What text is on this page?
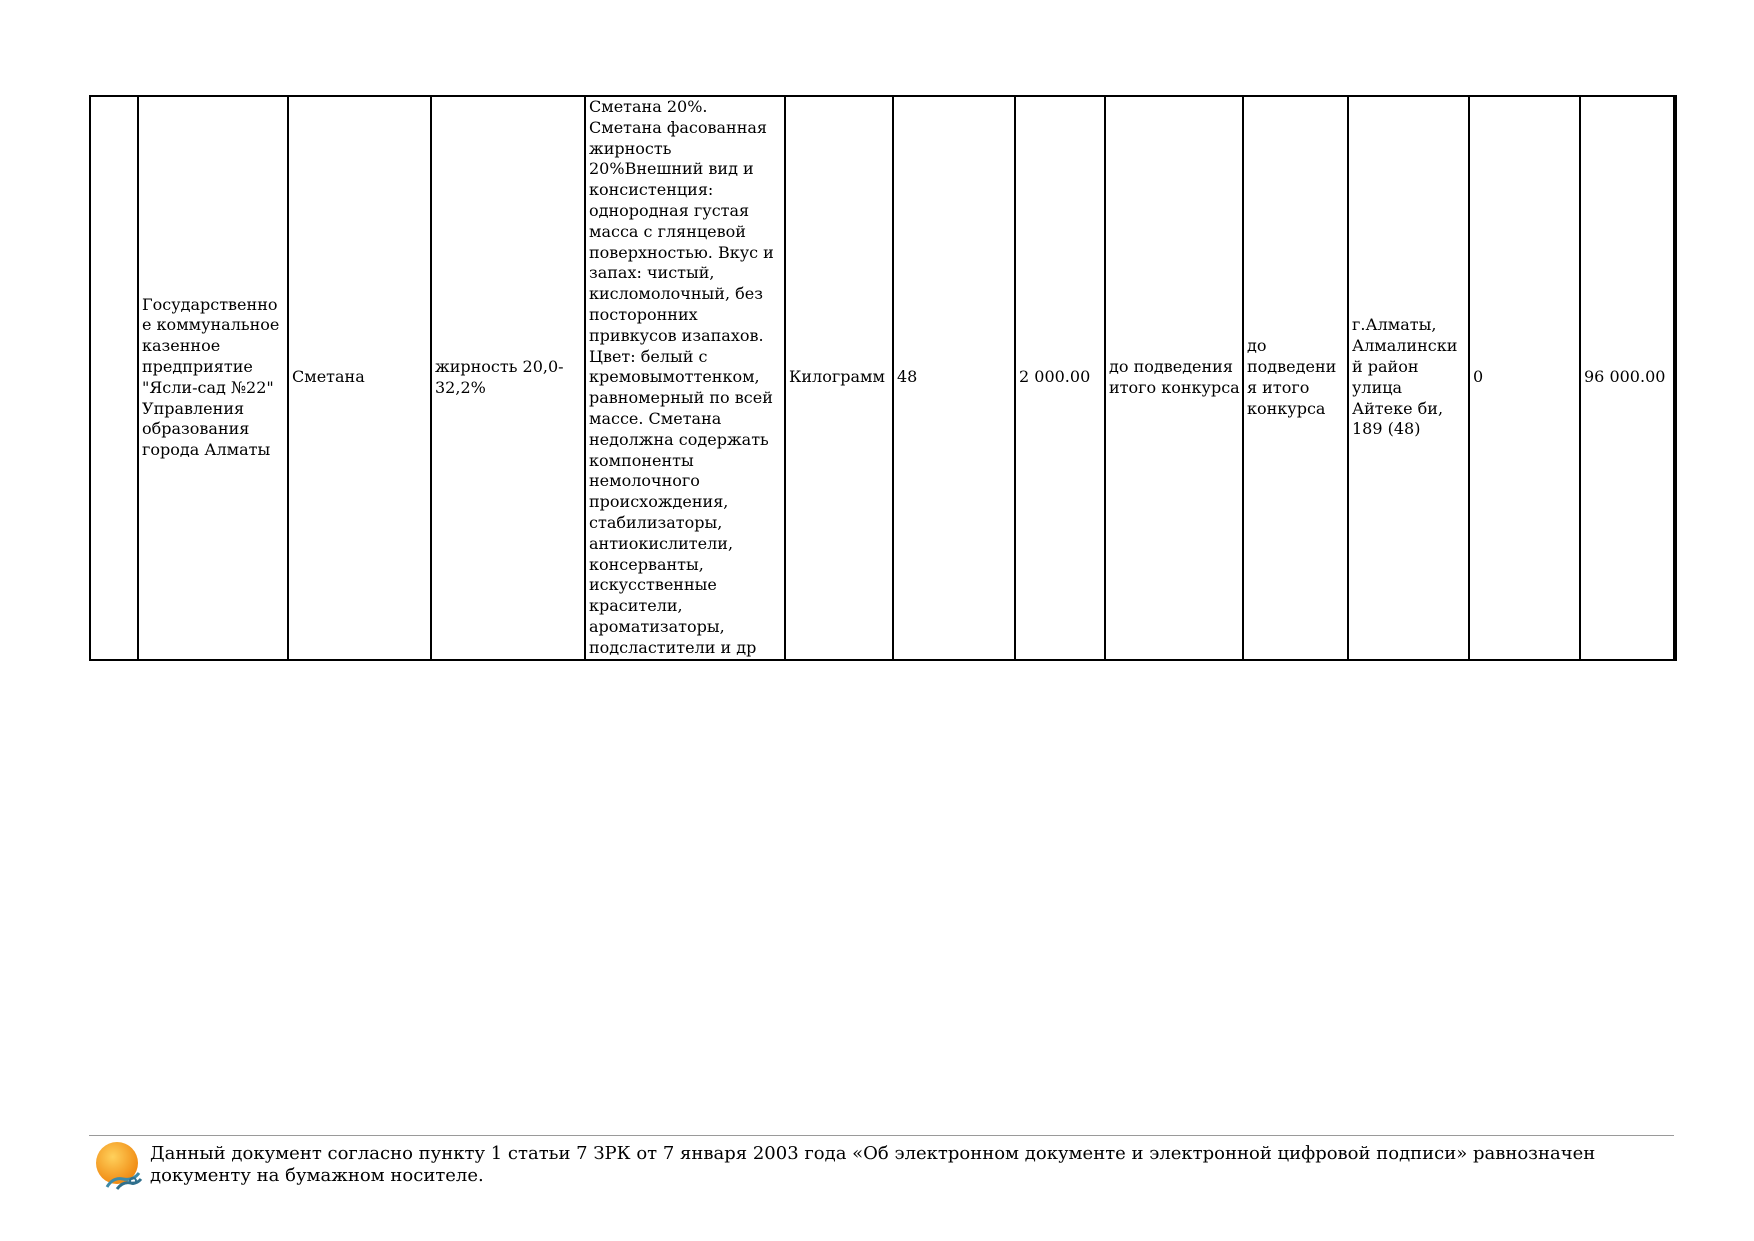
	Государственное коммунальное казенное предприятие "Ясли-сад №22" Управления образования города Алматы	Сметана	жирность 20,0-32,2%	Сметана 20%. Сметана фасованная жирность 20%Внешний вид и консистенция: однородная густая масса с глянцевой поверхностью. Вкус и запах: чистый, кисломолочный, без посторонних привкусов изапахов. Цвет: белый с кремовымоттенком, равномерный по всей массе. Сметана недолжна содержать компоненты немолочного происхождения, стабилизаторы, антиокислители, консерванты, искусственные красители, ароматизаторы, подсластители и др	Килограмм	48	2 000.00	до подведения итого конкурса	до подведения итого конкурса	г.Алматы, Алмалинский район улица Айтеке би, 189 (48)	0	96 000.00
Данный документ согласно пункту 1 статьи 7 ЗРК от 7 января 2003 года «Об электронном документе и электронной цифровой подписи» равнозначен документу на бумажном носителе.
